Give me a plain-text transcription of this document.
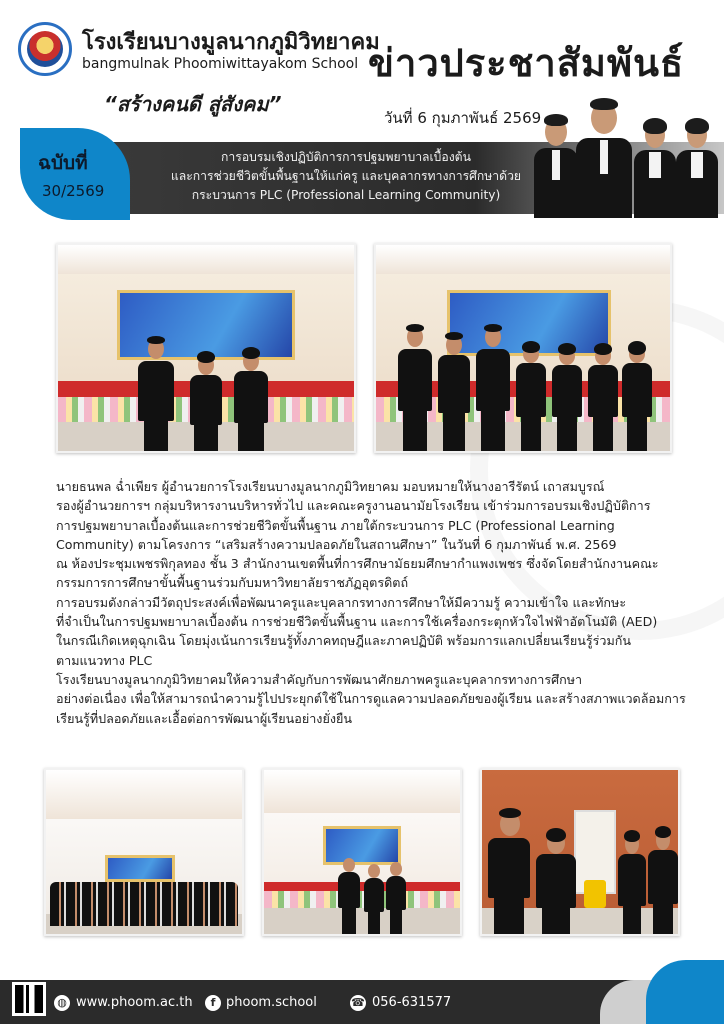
โรงเรียนบางมูลนากภูมิวิทยาคม
bangmulnak Phoomiwittayakom School
“สร้างคนดี สู่สังคม”
ข่าวประชาสัมพันธ์
วันที่ 6 กุมภาพันธ์ 2569
ฉบับที่
30/2569
การอบรมเชิงปฏิบัติการการปฐมพยาบาลเบื้องต้น
และการช่วยชีวิตขั้นพื้นฐานให้แก่ครู และบุคลากรทางการศึกษาด้วย
กระบวนการ PLC (Professional Learning Community)
นายธนพล ฉ่ำเพียร ผู้อำนวยการโรงเรียนบางมูลนากภูมิวิทยาคม มอบหมายให้นางอารีรัตน์ เถาสมบูรณ์
รองผู้อำนวยการฯ กลุ่มบริหารงานบริหารทั่วไป และคณะครูงานอนามัยโรงเรียน เข้าร่วมการอบรมเชิงปฏิบัติการ
การปฐมพยาบาลเบื้องต้นและการช่วยชีวิตขั้นพื้นฐาน ภายใต้กระบวนการ PLC (Professional Learning
Community) ตามโครงการ “เสริมสร้างความปลอดภัยในสถานศึกษา” ในวันที่ 6 กุมภาพันธ์ พ.ศ. 2569
ณ ห้องประชุมเพชรพิกุลทอง ชั้น 3 สำนักงานเขตพื้นที่การศึกษามัธยมศึกษากำแพงเพชร ซึ่งจัดโดยสำนักงานคณะ
กรรมการการศึกษาขั้นพื้นฐานร่วมกับมหาวิทยาลัยราชภัฏอุตรดิตถ์
การอบรมดังกล่าวมีวัตถุประสงค์เพื่อพัฒนาครูและบุคลากรทางการศึกษาให้มีความรู้ ความเข้าใจ และทักษะ
ที่จำเป็นในการปฐมพยาบาลเบื้องต้น การช่วยชีวิตขั้นพื้นฐาน และการใช้เครื่องกระตุกหัวใจไฟฟ้าอัตโนมัติ (AED)
ในกรณีเกิดเหตุฉุกเฉิน โดยมุ่งเน้นการเรียนรู้ทั้งภาคทฤษฎีและภาคปฏิบัติ พร้อมการแลกเปลี่ยนเรียนรู้ร่วมกัน
ตามแนวทาง PLC
โรงเรียนบางมูลนากภูมิวิทยาคมให้ความสำคัญกับการพัฒนาศักยภาพครูและบุคลากรทางการศึกษา
อย่างต่อเนื่อง เพื่อให้สามารถนำความรู้ไปประยุกต์ใช้ในการดูแลความปลอดภัยของผู้เรียน และสร้างสภาพแวดล้อมการ
เรียนรู้ที่ปลอดภัยและเอื้อต่อการพัฒนาผู้เรียนอย่างยั่งยืน
◍ www.phoom.ac.th	f phoom.school	☎ 056-631577
